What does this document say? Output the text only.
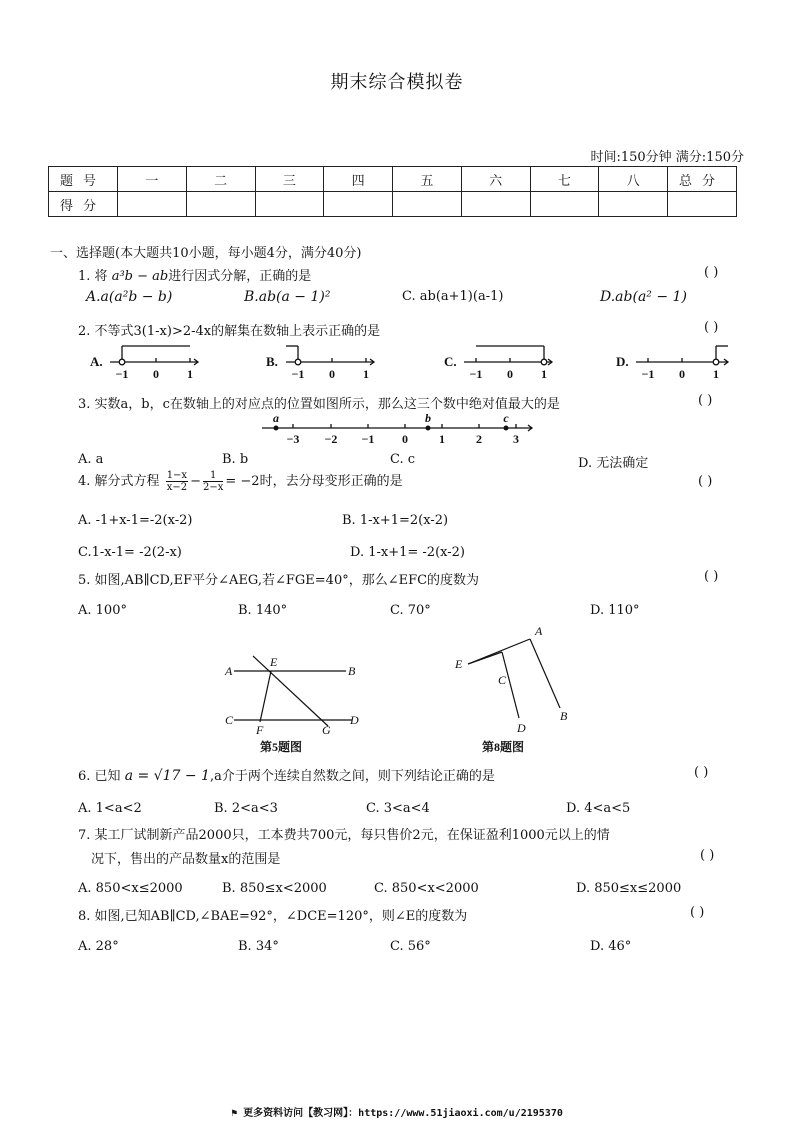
期末综合模拟卷
时间:150分钟 满分:150分
题号	一	二	三	四	五	六	七	八	总分
得分									
一、选择题(本大题共10小题，每小题4分，满分40分)
1. 将 a³b − ab进行因式分解，正确的是	( )
A.a(a²b − b)	B.ab(a − 1)²	C. ab(a+1)(a-1)	D.ab(a² − 1)
2. 不等式3(1-x)>2-4x的解集在数轴上表示正确的是	( )
A.	B.	C.	D.
−1 0 1	−1 0 1	−1 0 1	−1 0 1
3. 实数a，b，c在数轴上的对应点的位置如图所示，那么这三个数中绝对值最大的是	( )
a	b	c
−3 −2 −1 0	1	2	3
A. a	B. b	C. c	D. 无法确定
4. 解分式方程 $\frac{1-x}{x-2} - \frac{1}{2-x} = -2$时，去分母变形正确的是	( )
A. -1+x-1=-2(x-2)	B. 1-x+1=2(x-2)
C.1-x-1= -2(2-x)	D. 1-x+1= -2(x-2)
5. 如图,AB∥CD,EF平分∠AEG,若∠FGE=40°，那么∠EFC的度数为	( )
A. 100°	B. 140°	C. 70°	D. 110°
A
E
B
C
F	G
D
第5题图
A
E
C
D
B
第8题图
6. 已知 a = √17 − 1,a介于两个连续自然数之间，则下列结论正确的是	( )
A. 1<a<2	B. 2<a<3	C. 3<a<4	D. 4<a<5
7. 某工厂试制新产品2000只，工本费共700元，每只售价2元，在保证盈利1000元以上的情
况下，售出的产品数量x的范围是	( )
A. 850<x≤2000	B. 850≤x<2000	C. 850<x<2000	D. 850≤x≤2000
8. 如图,已知AB∥CD,∠BAE=92°，∠DCE=120°，则∠E的度数为	( )
A. 28°	B. 34°	C. 56°	D. 46°
⚑ 更多资料访问【教习网】：https://www.51jiaoxi.com/u/2195370
